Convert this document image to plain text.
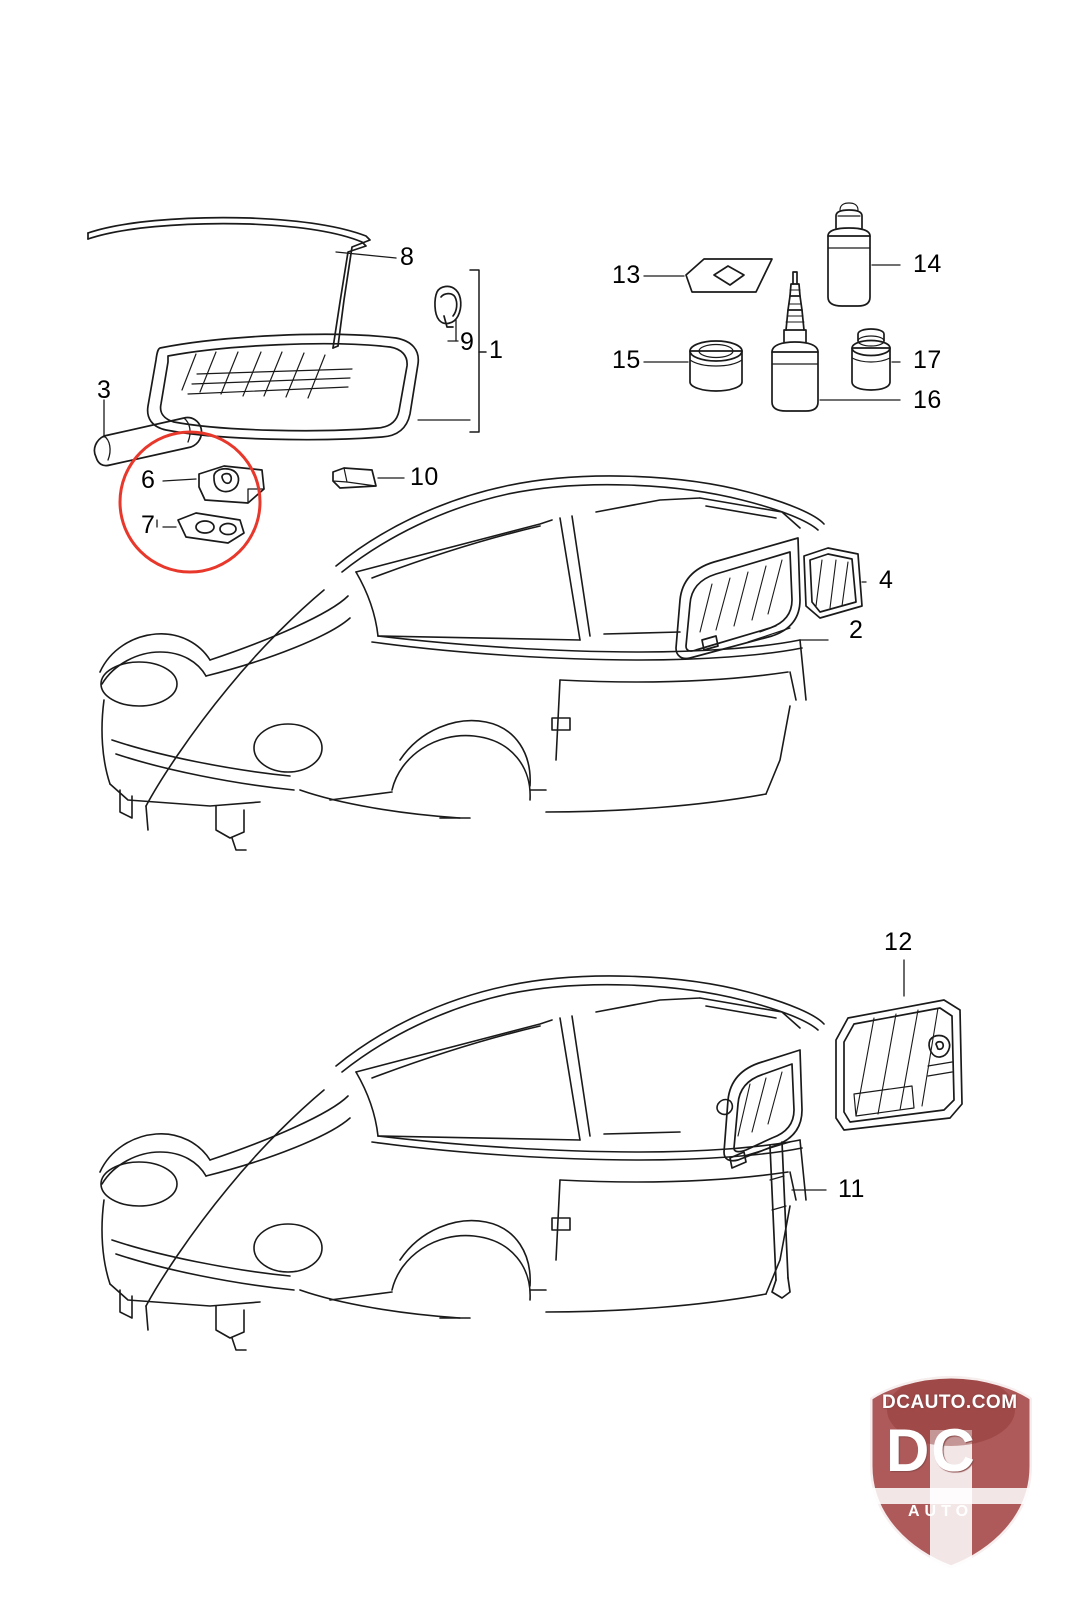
1
2
3
4
6
7
8
9
10
11
12
13	14
15
16
17
DCAUTO.COM
DC
AUTO
